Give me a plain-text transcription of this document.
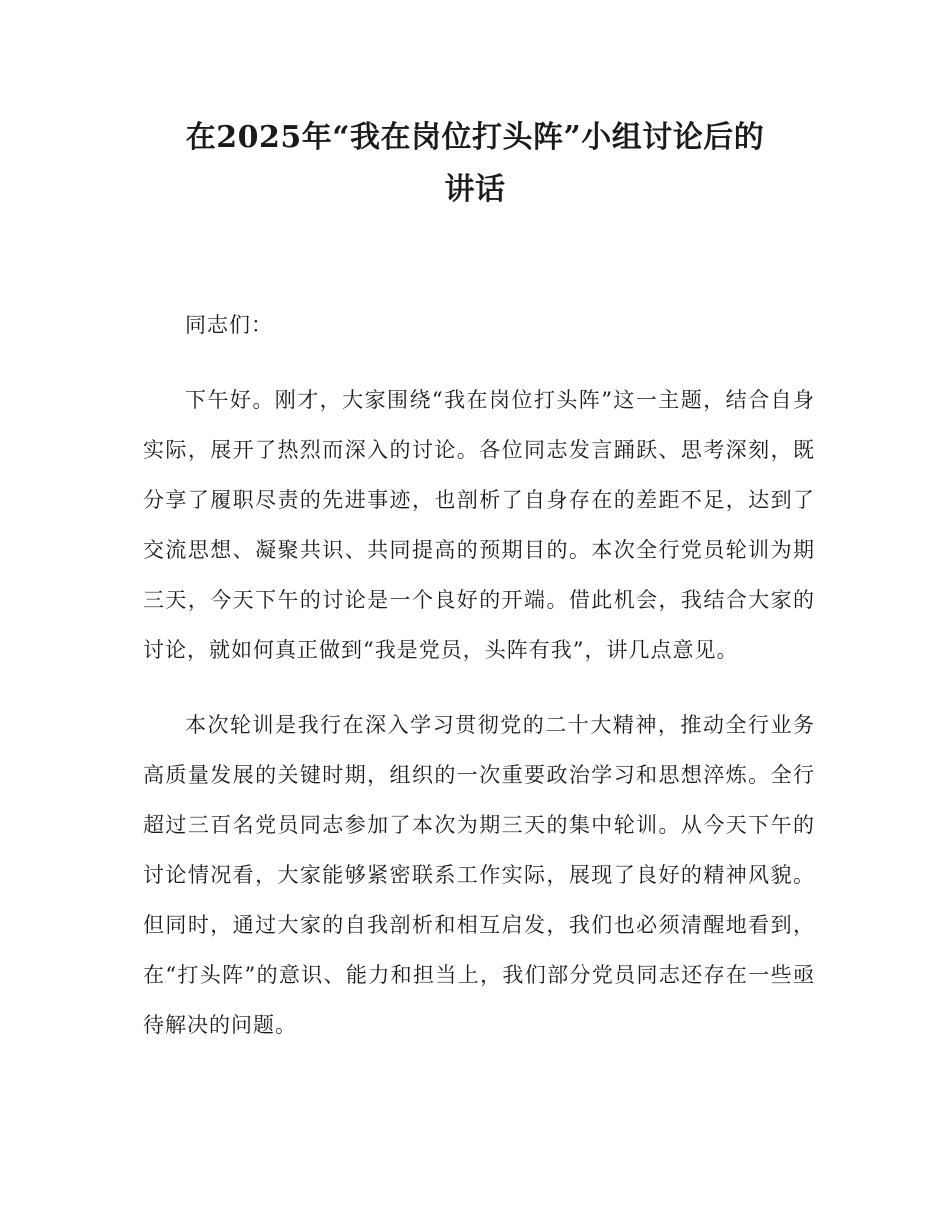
在2025年“我在岗位打头阵”小组讨论后的
讲话

同志们：

下午好。刚才，大家围绕“我在岗位打头阵”这一主题，结合自身实际，展开了热烈而深入的讨论。各位同志发言踊跃、思考深刻，既分享了履职尽责的先进事迹，也剖析了自身存在的差距不足，达到了交流思想、凝聚共识、共同提高的预期目的。本次全行党员轮训为期三天，今天下午的讨论是一个良好的开端。借此机会，我结合大家的讨论，就如何真正做到“我是党员，头阵有我”，讲几点意见。

本次轮训是我行在深入学习贯彻党的二十大精神，推动全行业务高质量发展的关键时期，组织的一次重要政治学习和思想淬炼。全行超过三百名党员同志参加了本次为期三天的集中轮训。从今天下午的讨论情况看，大家能够紧密联系工作实际，展现了良好的精神风貌。但同时，通过大家的自我剖析和相互启发，我们也必须清醒地看到，在“打头阵”的意识、能力和担当上，我们部分党员同志还存在一些亟待解决的问题。
